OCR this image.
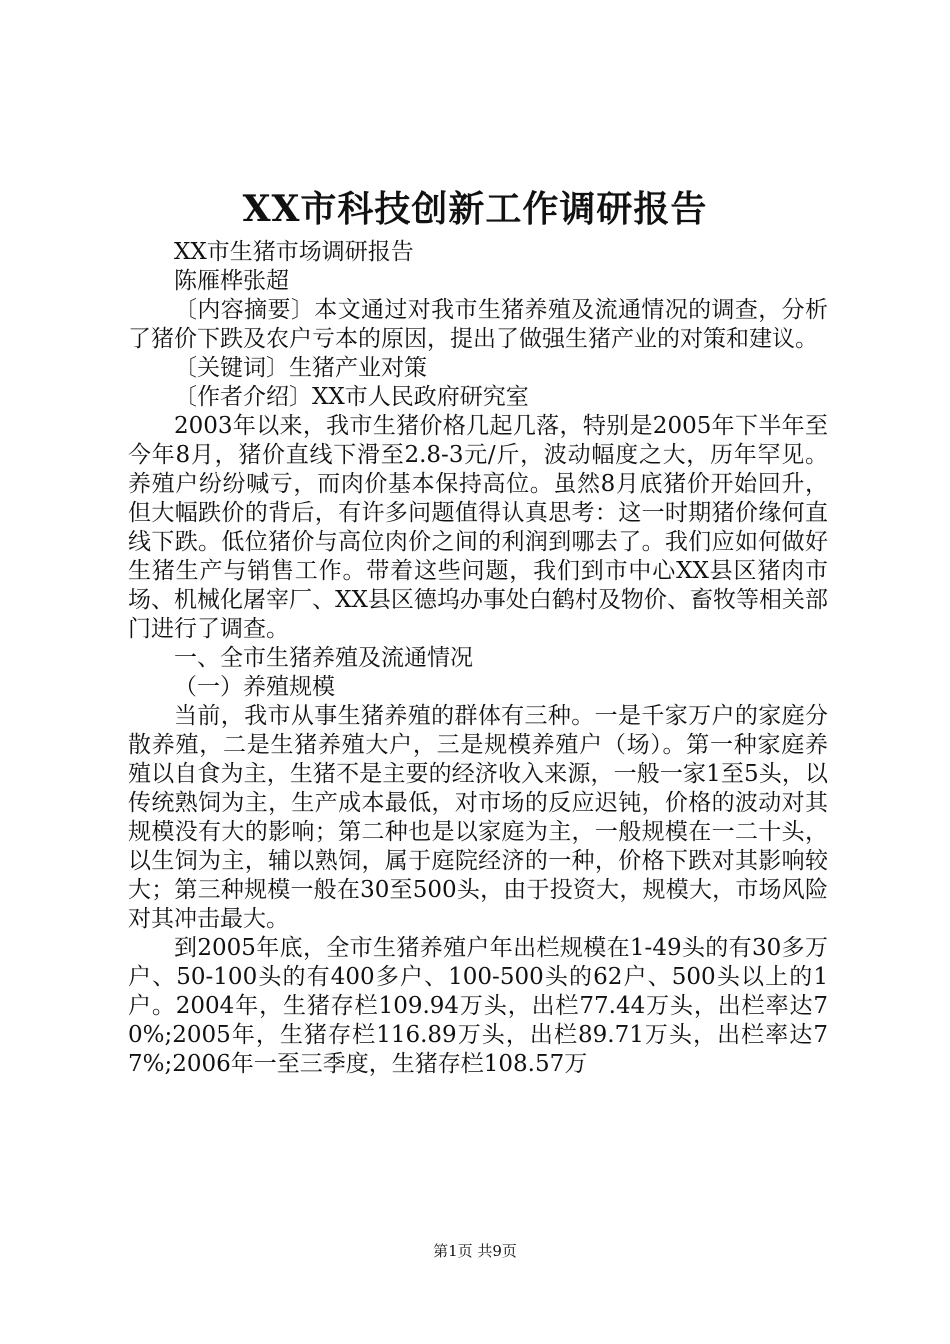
XX市科技创新工作调研报告

XX市生猪市场调研报告

陈雁桦张超

〔内容摘要〕本文通过对我市生猪养殖及流通情况的调查，分析了猪价下跌及农户亏本的原因，提出了做强生猪产业的对策和建议。

〔关键词〕生猪产业对策

〔作者介绍〕XX市人民政府研究室

2003年以来，我市生猪价格几起几落，特别是2005年下半年至今年8月，猪价直线下滑至2.8-3元/斤，波动幅度之大，历年罕见。养殖户纷纷喊亏，而肉价基本保持高位。虽然8月底猪价开始回升，但大幅跌价的背后，有许多问题值得认真思考：这一时期猪价缘何直线下跌。低位猪价与高位肉价之间的利润到哪去了。我们应如何做好生猪生产与销售工作。带着这些问题，我们到市中心XX县区猪肉市场、机械化屠宰厂、XX县区德坞办事处白鹤村及物价、畜牧等相关部门进行了调查。

一、全市生猪养殖及流通情况

（一）养殖规模

当前，我市从事生猪养殖的群体有三种。一是千家万户的家庭分散养殖，二是生猪养殖大户，三是规模养殖户（场）。第一种家庭养殖以自食为主，生猪不是主要的经济收入来源，一般一家1至5头，以传统熟饲为主，生产成本最低，对市场的反应迟钝，价格的波动对其规模没有大的影响；第二种也是以家庭为主，一般规模在一二十头，以生饲为主，辅以熟饲，属于庭院经济的一种，价格下跌对其影响较大；第三种规模一般在30至500头，由于投资大，规模大，市场风险对其冲击最大。

到2005年底，全市生猪养殖户年出栏规模在1-49头的有30多万户、50-100头的有400多户、100-500头的62户、500头以上的1户。2004年，生猪存栏109.94万头，出栏77.44万头，出栏率达70%;2005年，生猪存栏116.89万头，出栏89.71万头，出栏率达77%;2006年一至三季度，生猪存栏108.57万

第1页 共9页
